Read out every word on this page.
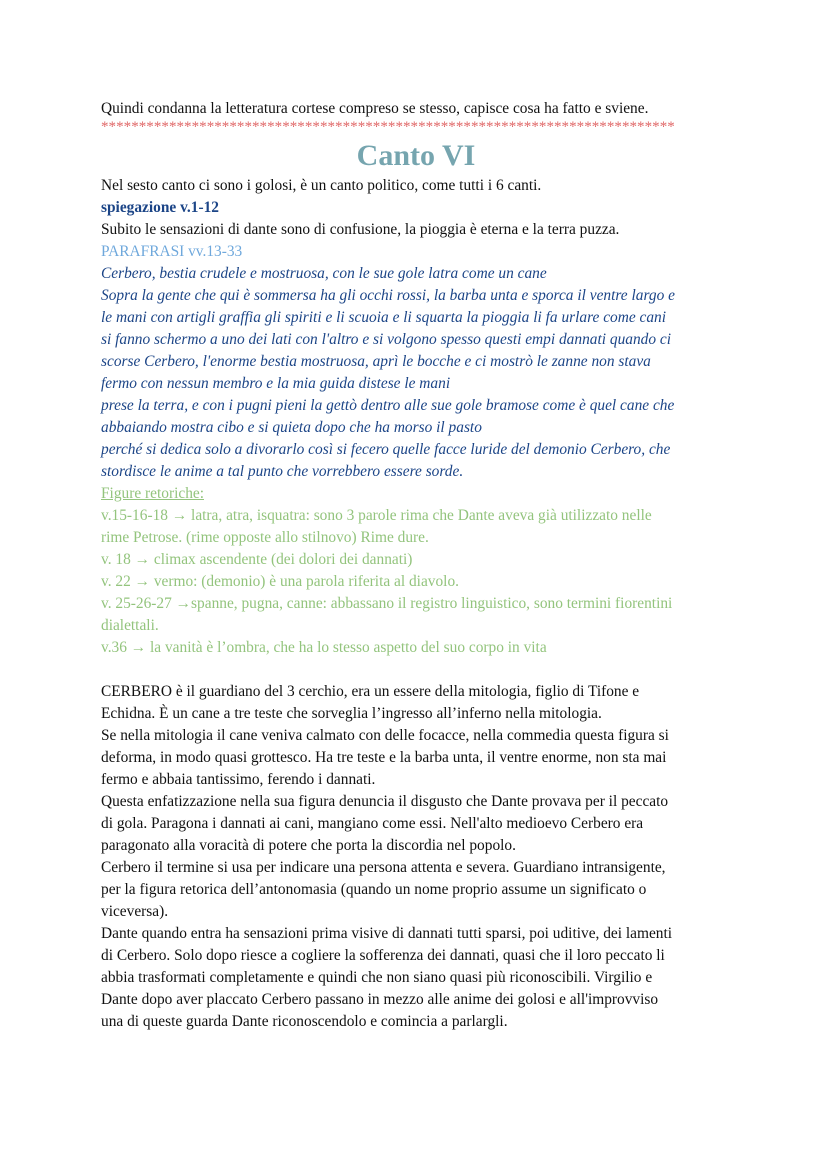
Quindi condanna la letteratura cortese compreso se stesso, capisce cosa ha fatto e sviene.
****************************************************************************
Canto VI
Nel sesto canto ci sono i golosi, è un canto politico, come tutti i 6 canti.
spiegazione v.1-12
Subito le sensazioni di dante sono di confusione, la pioggia è eterna e la terra puzza.
PARAFRASI vv.13-33
Cerbero, bestia crudele e mostruosa, con le sue gole latra come un cane
Sopra la gente che qui è sommersa ha gli occhi rossi, la barba unta e sporca il ventre largo e
le mani con artigli graffia gli spiriti e li scuoia e li squarta la pioggia li fa urlare come cani
si fanno schermo a uno dei lati con l'altro e si volgono spesso questi empi dannati quando ci
scorse Cerbero, l'enorme bestia mostruosa, aprì le bocche e ci mostrò le zanne non stava
fermo con nessun membro e la mia guida distese le mani
prese la terra, e con i pugni pieni la gettò dentro alle sue gole bramose come è quel cane che
abbaiando mostra cibo e si quieta dopo che ha morso il pasto
perché si dedica solo a divorarlo così si fecero quelle facce luride del demonio Cerbero, che
stordisce le anime a tal punto che vorrebbero essere sorde.
Figure retoriche:
v.15-16-18 → latra, atra, isquatra: sono 3 parole rima che Dante aveva già utilizzato nelle
rime Petrose. (rime opposte allo stilnovo) Rime dure.
v. 18 → climax ascendente (dei dolori dei dannati)
v. 22 → vermo: (demonio) è una parola riferita al diavolo.
v. 25-26-27 →spanne, pugna, canne: abbassano il registro linguistico, sono termini fiorentini
dialettali.
v.36 → la vanità è l’ombra, che ha lo stesso aspetto del suo corpo in vita
CERBERO è il guardiano del 3 cerchio, era un essere della mitologia, figlio di Tifone e
Echidna. È un cane a tre teste che sorveglia l’ingresso all’inferno nella mitologia.
Se nella mitologia il cane veniva calmato con delle focacce, nella commedia questa figura si
deforma, in modo quasi grottesco. Ha tre teste e la barba unta, il ventre enorme, non sta mai
fermo e abbaia tantissimo, ferendo i dannati.
Questa enfatizzazione nella sua figura denuncia il disgusto che Dante provava per il peccato
di gola. Paragona i dannati ai cani, mangiano come essi. Nell'alto medioevo Cerbero era
paragonato alla voracità di potere che porta la discordia nel popolo.
Cerbero il termine si usa per indicare una persona attenta e severa. Guardiano intransigente,
per la figura retorica dell’antonomasia (quando un nome proprio assume un significato o
viceversa).
Dante quando entra ha sensazioni prima visive di dannati tutti sparsi, poi uditive, dei lamenti
di Cerbero. Solo dopo riesce a cogliere la sofferenza dei dannati, quasi che il loro peccato li
abbia trasformati completamente e quindi che non siano quasi più riconoscibili. Virgilio e
Dante dopo aver placcato Cerbero passano in mezzo alle anime dei golosi e all'improvviso
una di queste guarda Dante riconoscendolo e comincia a parlargli.
